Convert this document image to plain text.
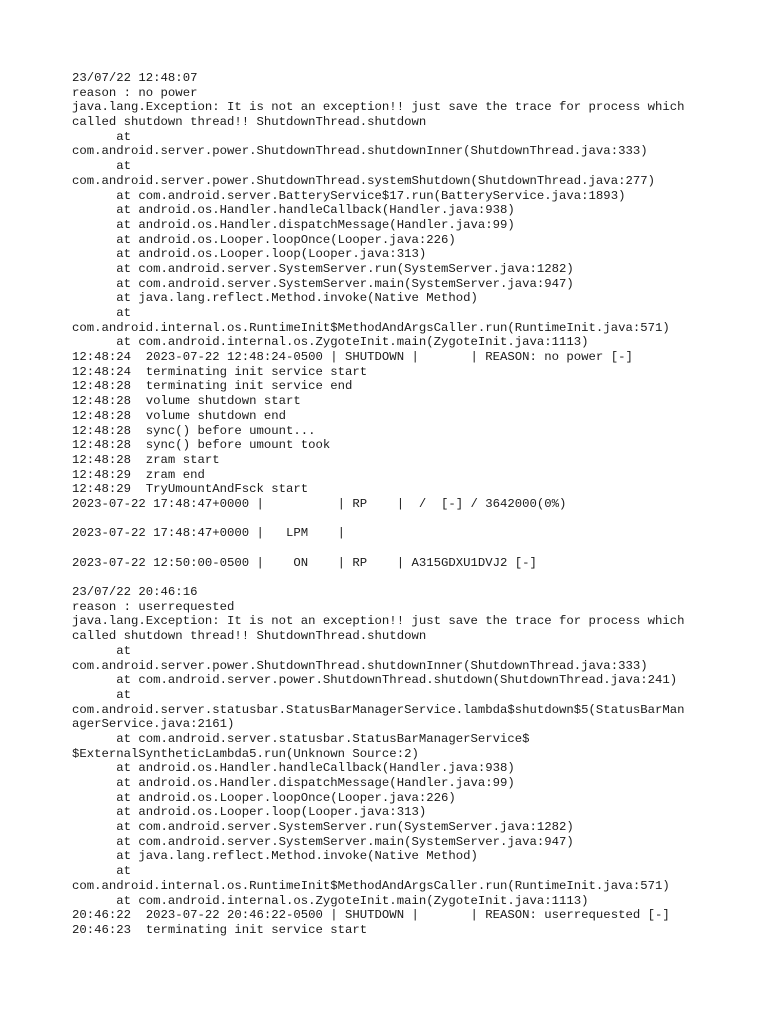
23/07/22 12:48:07
reason : no power
java.lang.Exception: It is not an exception!! just save the trace for process which
called shutdown thread!! ShutdownThread.shutdown
at
com.android.server.power.ShutdownThread.shutdownInner(ShutdownThread.java:333)
at
com.android.server.power.ShutdownThread.systemShutdown(ShutdownThread.java:277)
at com.android.server.BatteryService$17.run(BatteryService.java:1893)
at android.os.Handler.handleCallback(Handler.java:938)
at android.os.Handler.dispatchMessage(Handler.java:99)
at android.os.Looper.loopOnce(Looper.java:226)
at android.os.Looper.loop(Looper.java:313)
at com.android.server.SystemServer.run(SystemServer.java:1282)
at com.android.server.SystemServer.main(SystemServer.java:947)
at java.lang.reflect.Method.invoke(Native Method)
at
com.android.internal.os.RuntimeInit$MethodAndArgsCaller.run(RuntimeInit.java:571)
at com.android.internal.os.ZygoteInit.main(ZygoteInit.java:1113)
12:48:24  2023-07-22 12:48:24-0500 | SHUTDOWN |       | REASON: no power [-]
12:48:24  terminating init service start
12:48:28  terminating init service end
12:48:28  volume shutdown start
12:48:28  volume shutdown end
12:48:28  sync() before umount...
12:48:28  sync() before umount took
12:48:28  zram start
12:48:29  zram end
12:48:29  TryUmountAndFsck start
2023-07-22 17:48:47+0000 |          | RP    |  /  [-] / 3642000(0%)
2023-07-22 17:48:47+0000 |   LPM    |
2023-07-22 12:50:00-0500 |    ON    | RP    | A315GDXU1DVJ2 [-]
23/07/22 20:46:16
reason : userrequested
java.lang.Exception: It is not an exception!! just save the trace for process which
called shutdown thread!! ShutdownThread.shutdown
at
com.android.server.power.ShutdownThread.shutdownInner(ShutdownThread.java:333)
at com.android.server.power.ShutdownThread.shutdown(ShutdownThread.java:241)
at
com.android.server.statusbar.StatusBarManagerService.lambda$shutdown$5(StatusBarMan
agerService.java:2161)
at com.android.server.statusbar.StatusBarManagerService$
$ExternalSyntheticLambda5.run(Unknown Source:2)
at android.os.Handler.handleCallback(Handler.java:938)
at android.os.Handler.dispatchMessage(Handler.java:99)
at android.os.Looper.loopOnce(Looper.java:226)
at android.os.Looper.loop(Looper.java:313)
at com.android.server.SystemServer.run(SystemServer.java:1282)
at com.android.server.SystemServer.main(SystemServer.java:947)
at java.lang.reflect.Method.invoke(Native Method)
at
com.android.internal.os.RuntimeInit$MethodAndArgsCaller.run(RuntimeInit.java:571)
at com.android.internal.os.ZygoteInit.main(ZygoteInit.java:1113)
20:46:22  2023-07-22 20:46:22-0500 | SHUTDOWN |       | REASON: userrequested [-]
20:46:23  terminating init service start
